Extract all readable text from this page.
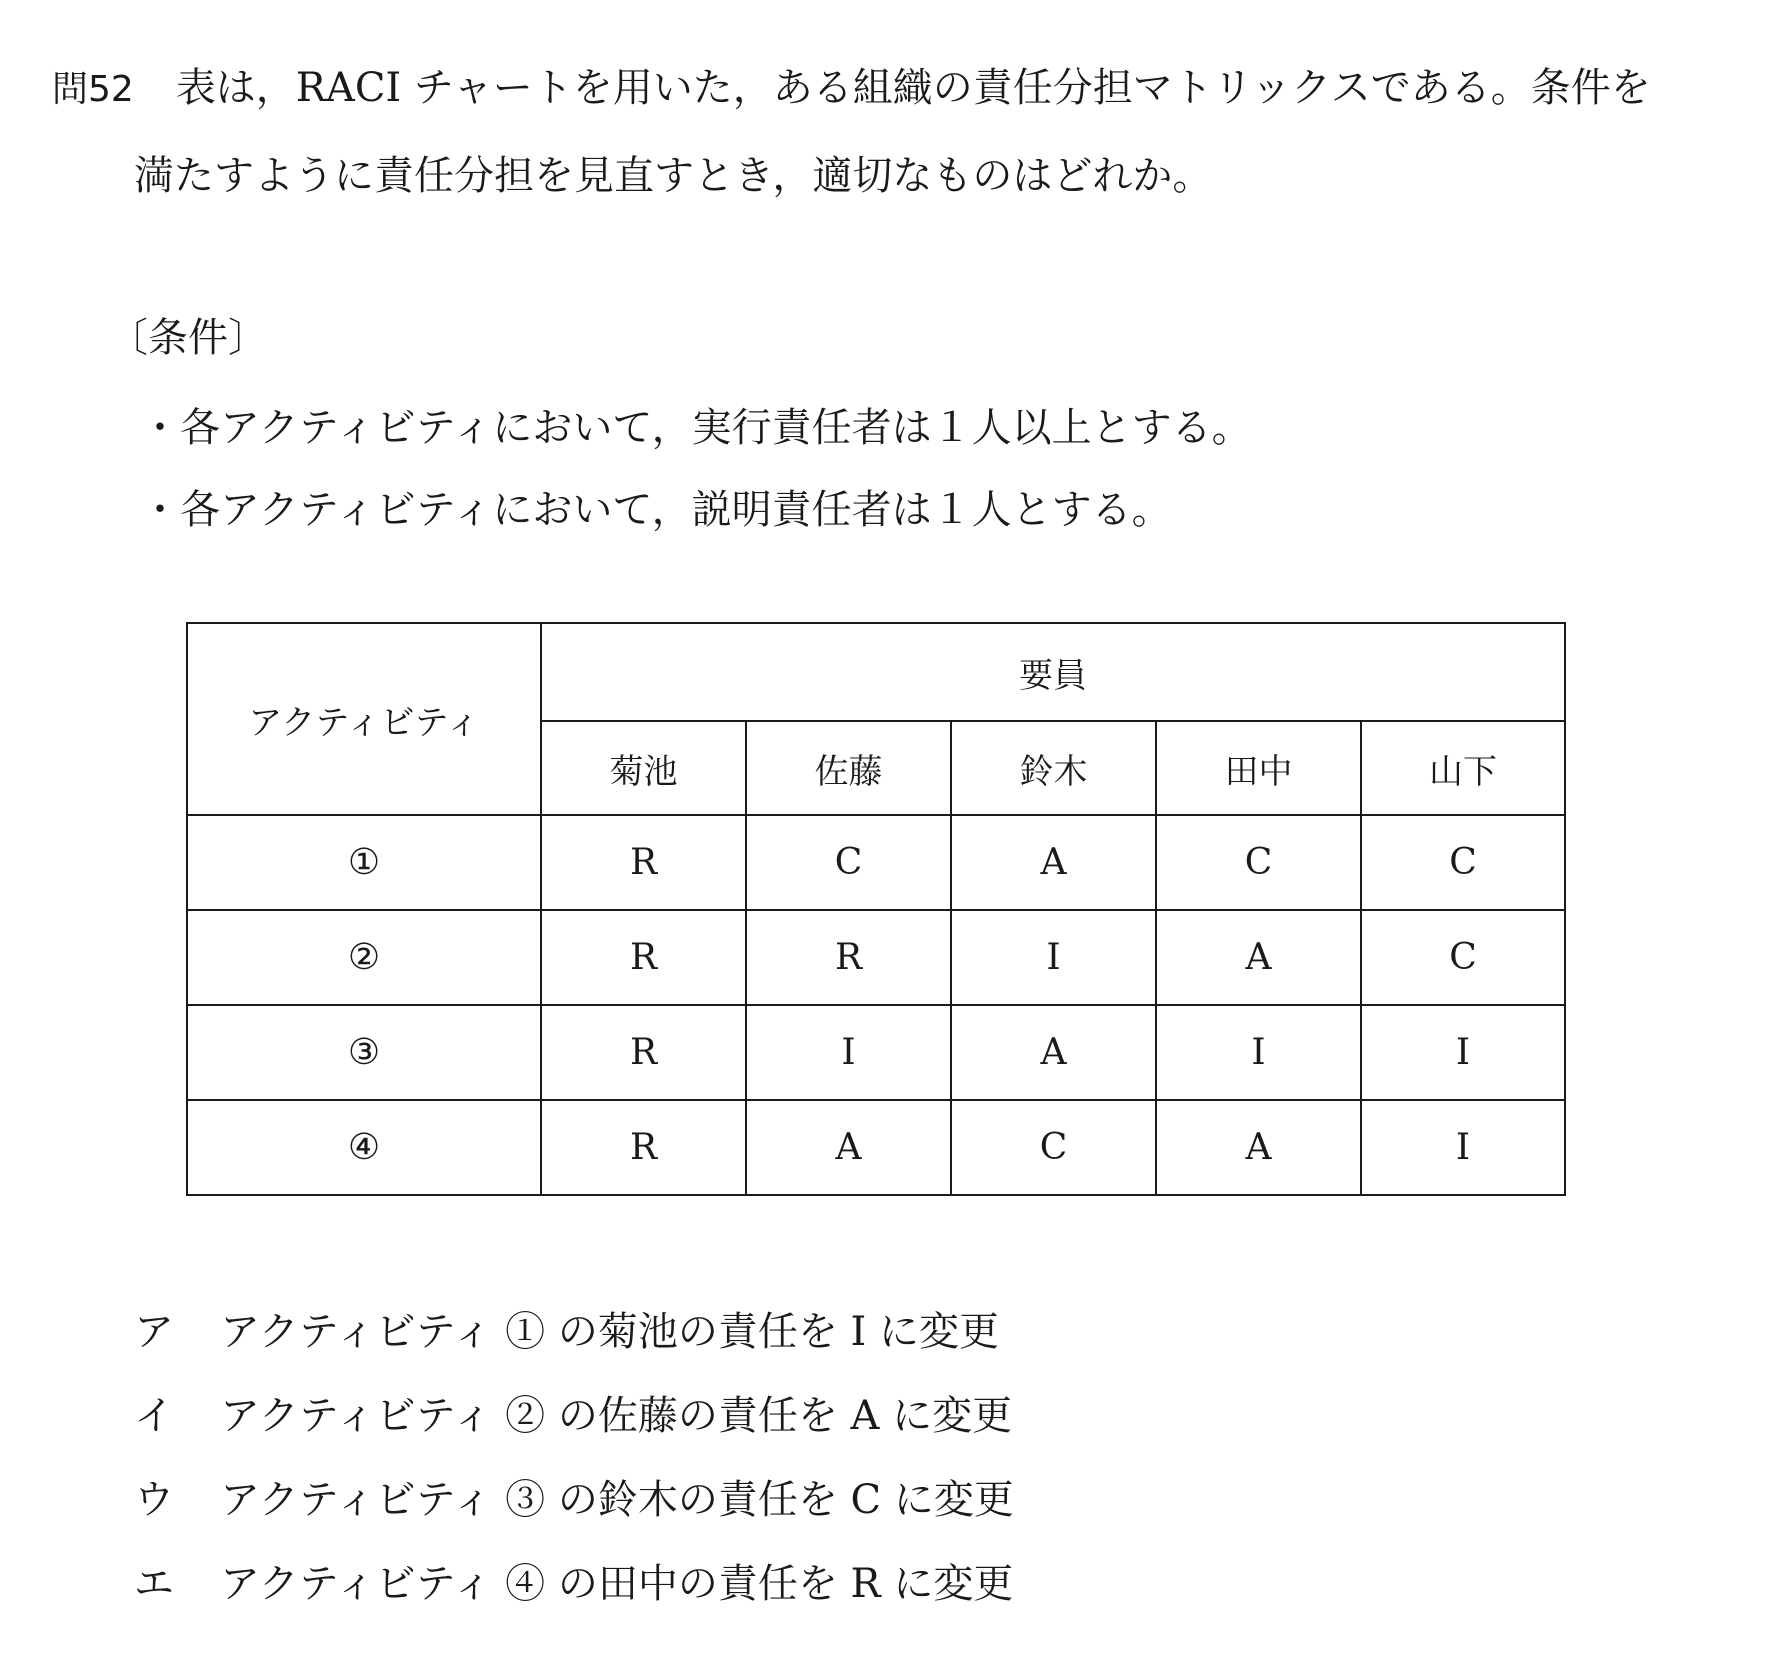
問52 表は，RACI チャートを用いた，ある組織の責任分担マトリックスである。条件を
満たすように責任分担を見直すとき，適切なものはどれか。
〔条件〕
・各アクティビティにおいて，実行責任者は１人以上とする。
・各アクティビティにおいて，説明責任者は１人とする。
アクティビティ	要員				
	菊池	佐藤	鈴木	田中	山下
①	R	C	A	C	C
②	R	R	I	A	C
③	R	I	A	I	I
④	R	A	C	A	I
ア アクティビティ ① の菊池の責任を I に変更
イ アクティビティ ② の佐藤の責任を A に変更
ウ アクティビティ ③ の鈴木の責任を C に変更
エ アクティビティ ④ の田中の責任を R に変更
